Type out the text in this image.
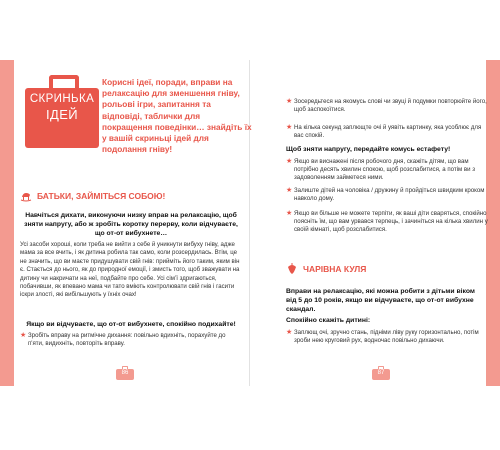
СКРИНЬКА
ІДЕЙ
Корисні ідеї, поради, вправи на релаксацію для зменшення гніву, рольові ігри, запитання та відповіді, таблички для покращення поведінки… знайдіть їх у вашій скриньці ідей для подолання гніву!
БАТЬКИ, ЗАЙМІТЬСЯ СОБОЮ!
Навчіться дихати, виконуючи низку вправ на релаксацію, щоб зняти напругу, або ж зробіть коротку перерву, коли відчуваєте, що от-от вибухнете…
Усі засоби хороші, коли треба не вийти з себе й уникнути вибуху гніву, адже мама за все вчить, і як дитина робила так само, коли розсердилась. Втім, це не значить, що ви маєте придушувати свій гнів: прийміть його таким, яким він є. Стається до нього, як до природної емоції, і змисть того, щоб зважувати на дитину чи накричати на неї, подбайте про себе. Усі сімʼї здригаються, побачивши, як впевано мама чи тато вміють контролювати свій гнів і гасити іскри злості, які вибільшують у їхніх очах!
Якщо ви відчуваєте, що от-от вибухнете, спокійно подихайте!
★ Зробіть вправу на ритмічне дихання: повільно вдихніть, порахуйте до п'яти, видихніть, повторіть вправу.
86
★ Зосередьтеся на якомусь слові чи звуці й подумки повторюйте його, щоб заспокоїтися.
★ На кілька секунд заплющте очі й уявіть картинку, яка усоблює для вас спокій.
Щоб зняти напругу, передайте комусь естафету!
★ Якщо ви виснажені після робочого дня, скажіть дітям, що вам потрібно десять хвилин спокою, щоб розслабитися, а потім ви з задоволенням займетеся ними.
★ Залиште дітей на чоловіка / дружину й пройдіться швидким кроком навколо дому.
★ Якщо ви більше не можете терпіти, як ваші діти сваряться, спокійно поясніть їм, що вам урвався терпець, і зачиніться на кілька хвилин у своїй кімнаті, щоб розслабитися.
ЧАРІВНА КУЛЯ
Вправи на релаксацію, які можна робити з дітьми віком від 5 до 10 років, якщо ви відчуваєте, що от-от вибухне скандал.
Спокійно скажіть дитині:
★ Заплющ очі, зручно стань, підніми ліву руку горизонтально, потім зроби нею круговий рух, водночас повільно дихаючи.
87
